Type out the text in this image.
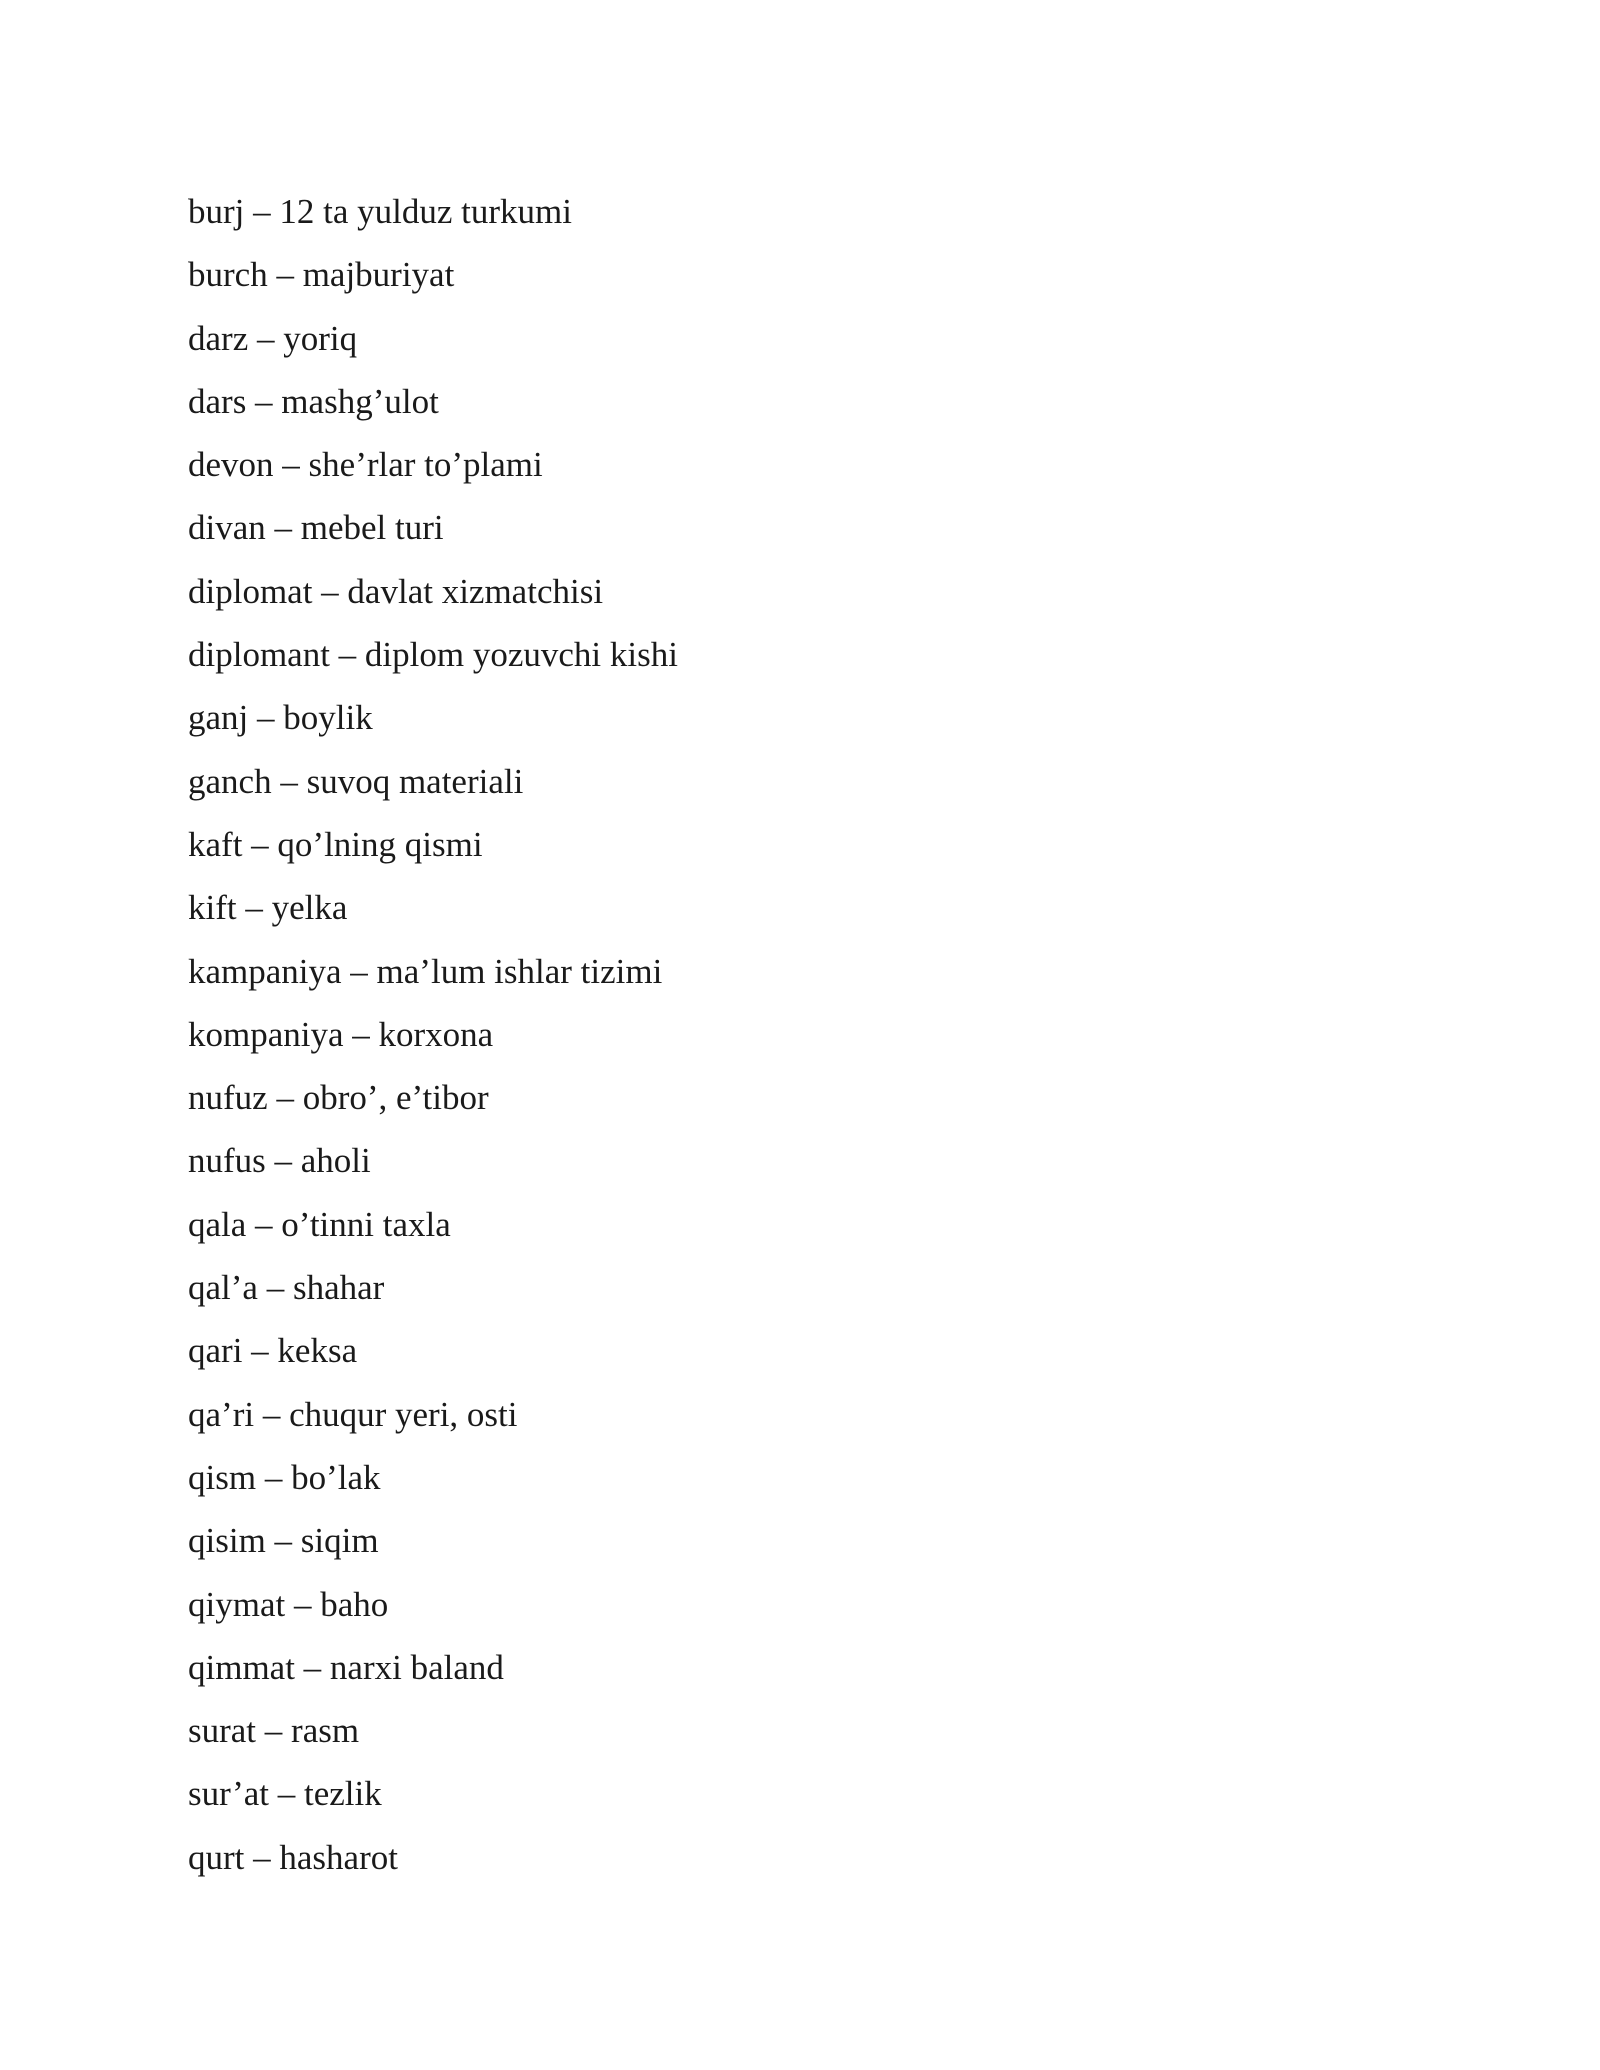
burj – 12 ta yulduz turkumi
burch – majburiyat
darz – yoriq
dars – mashg’ulot
devon – she’rlar to’plami
divan – mebel turi
diplomat – davlat xizmatchisi
diplomant – diplom yozuvchi kishi
ganj – boylik
ganch – suvoq materiali
kaft – qo’lning qismi
kift – yelka
kampaniya – ma’lum ishlar tizimi
kompaniya – korxona
nufuz – obro’, e’tibor
nufus – aholi
qala – o’tinni taxla
qal’a – shahar
qari – keksa
qa’ri – chuqur yeri, osti
qism – bo’lak
qisim – siqim
qiymat – baho
qimmat – narxi baland
surat – rasm
sur’at – tezlik
qurt – hasharot
